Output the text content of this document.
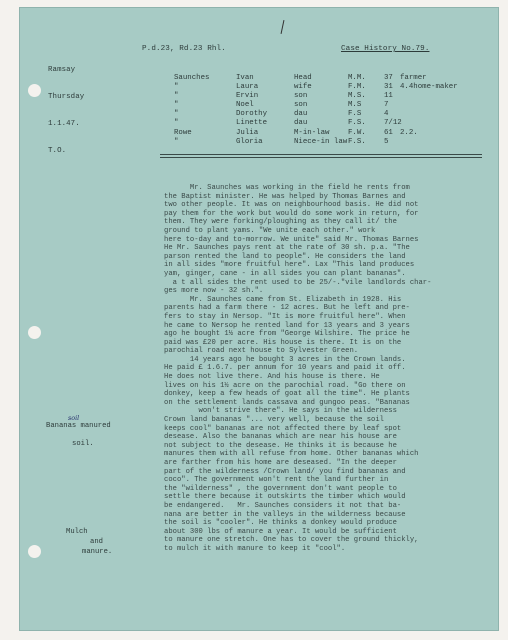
Ramsay

Thursday

1.1.47.

T.O.

P.d.23, Rd.23 Rhl.	Case History No.79.
Saunches	Ivan	Head	M.M. 37 farmer
"	Laura	wife	F.M. 31 4.4home-maker
"	Ervin	son	M.S. 11
"	Noel	son	M.S	7
"	Dorothy	dau	F.S	4
"	Linette	dau	F.S. 7/12
Rowe	Julia	M-in-law	F.W. 61 2.2.
"	Gloria	Niece-in law F.S. 5

Mr. Saunches was working in the field he rents from

the Baptist minister. He was helped by Thomas Barnes and

two other people. It was on neighbourhood basis. He did not

pay them for the work but would do some work in return, for

them. They were forking/ploughing as they call it/ the

ground to plant yams. "We unite each other." work

here to-day and to-morrow. We unite" said Mr. Thomas Barnes

He Mr. Saunches pays rent at the rate of 30 sh. p.a. "The

parson rented the land to people". He considers the land

in all sides "more fruitful here". Lax "This land produces

yam, ginger, cane - in all sides you can plant bananas".

a t all sides the rent used to be 25/-."vile landlords char-

ges more now - 32 sh.".

Mr. Saunches came from St. Elizabeth in 1928. His

parents had a farm there - 12 acres. But he left and pre-

fers to stay in Nersop. "It is more fruitful here". When

he came to Nersop he rented land for 13 years and 3 years

ago he bought 1½ acre from "George Wilshire. The price he

paid was £20 per acre. His house is there. It is on the

parochial road next house to Sylvester Green.

14 years ago he bought 3 acres in the Crown lands.

He paid £ 1.6.7. per annum for 10 years and paid it off.

He does not live there. And his house is there. He

lives on his 1½ acre on the parochial road. "Go there on

donkey, keep a few heads of goat all the time". He plants

on the settlement lands cassava and gungoo peas. "Bananas

won't strive there". He says in the wilderness

Crown land bananas "... very well, because the soil

keeps cool" bananas are not affected there by leaf spot

desease. Also the bananas which are near his house are

not subject to the desease. He thinks it is because he

manures them with all refuse from home. Other bananas which

are farther from his home are deseased. "In the deeper

part of the wilderness /Crown land/ you find bananas and

coco". The government won't rent the land further in

the "wilderness" , the government don't want people to

settle there because it outskirts the timber which would

be endangered.   Mr. Saunches considers it not that ba-

nana are better in the valleys in the wilderness because

the soil is "cooler". He thinks a donkey would produce

about 300 lbs of manure a year. It would be sufficient

to manure one stretch. One has to cover the ground thickly,

to mulch it with manure to keep it "cool".

soil
Bananas manured
soil.
Mulch
and
manure.
